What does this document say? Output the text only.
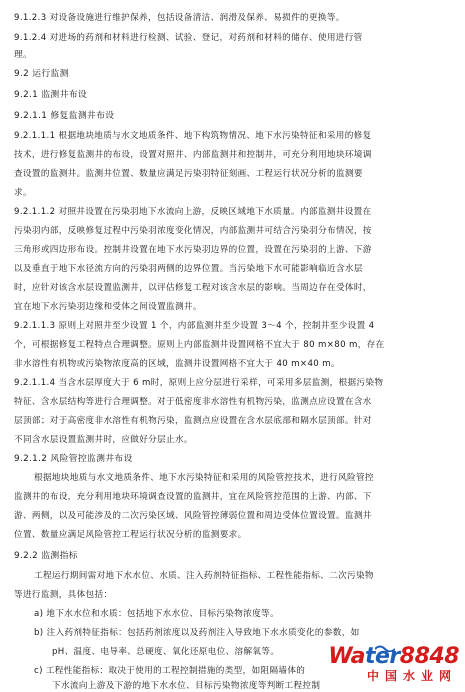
9.1.2.3 对设备设施进行维护保养，包括设备清洁、润滑及保养、易损件的更换等。
9.1.2.4 对进场的药剂和材料进行检测、试验、登记，对药剂和材料的储存、使用进行管
理。
9.2 运行监测
9.2.1 监测井布设
9.2.1.1 修复监测井布设
9.2.1.1.1 根据地块地质与水文地质条件、地下构筑物情况、地下水污染特征和采用的修复
技术，进行修复监测井的布设，设置对照井、内部监测井和控制井，可充分利用地块环境调
查设置的监测井。监测井位置、数量应满足污染羽特征刻画、工程运行状况分析的监测要
求。
9.2.1.1.2 对照井设置在污染羽地下水流向上游，反映区域地下水质量。内部监测井设置在
污染羽内部，反映修复过程中污染羽浓度变化情况，内部监测井可结合污染羽分布情况，按
三角形或四边形布设。控制井设置在地下水污染羽边界的位置，设置在污染羽的上游、下游
以及垂直于地下水径流方向的污染羽两侧的边界位置。当污染地下水可能影响临近含水层
时，应针对该含水层设置监测井，以评估修复工程对该含水层的影响。当周边存在受体时，
宜在地下水污染羽边缘和受体之间设置监测井。
9.2.1.1.3 原则上对照井至少设置 1 个，内部监测井至少设置 3～4 个，控制井至少设置 4
个，可根据修复工程特点合理调整。原则上内部监测井设置网格不宜大于 80 m×80 m，存在
非水溶性有机物或污染物浓度高的区域，监测井设置网格不宜大于 40 m×40 m。
9.2.1.1.4 当含水层厚度大于 6 m时，原则上应分层进行采样，可采用多层监测，根据污染物
特征、含水层结构等进行合理调整。对于低密度非水溶性有机物污染，监测点应设置在含水
层顶部；对于高密度非水溶性有机物污染，监测点应设置在含水层底部和隔水层顶部。针对
不同含水层设置监测井时，应做好分层止水。
9.2.1.2 风险管控监测井布设
根据地块地质与水文地质条件、地下水污染特征和采用的风险管控技术，进行风险管控
监测井的布设，充分利用地块环境调查设置的监测井，宜在风险管控范围的上游、内部、下
游、两侧，以及可能涉及的二次污染区域、风险管控薄弱位置和周边受体位置设置。监测井
位置、数量应满足风险管控工程运行状况分析的监测要求。
9.2.2 监测指标
工程运行期间需对地下水水位、水质、注入药剂特征指标、工程性能指标、二次污染物
等进行监测，具体包括：
a) 地下水水位和水质：包括地下水水位、目标污染物浓度等。
b) 注入药剂特征指标：包括药剂浓度以及药剂注入导致地下水水质变化的参数，如
pH、温度、电导率、总硬度、氧化还原电位、溶解氧等。
c) 工程性能指标：取决于使用的工程控制措施的类型，如阻隔墙体的
下水流向上游及下游的地下水水位、目标污染物浓度等判断工程控制
Water8848
中国水业网
